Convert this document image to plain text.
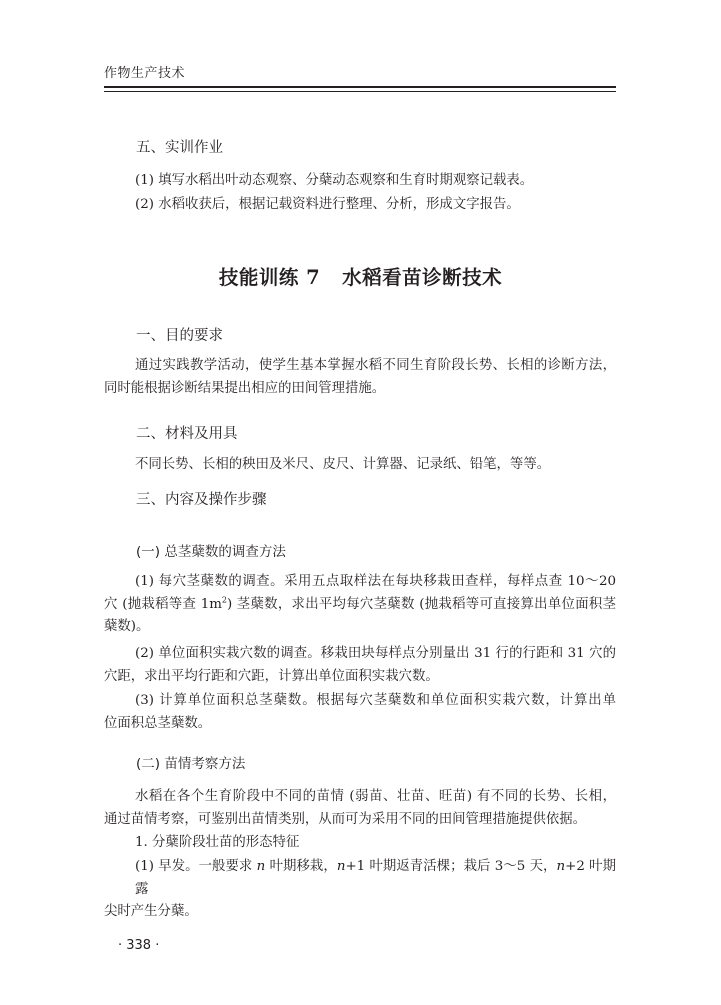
作物生产技术
五、实训作业
(1) 填写水稻出叶动态观察、分蘖动态观察和生育时期观察记载表。
(2) 水稻收获后，根据记载资料进行整理、分析，形成文字报告。
技能训练 7 水稻看苗诊断技术
一、目的要求
通过实践教学活动，使学生基本掌握水稻不同生育阶段长势、长相的诊断方法，
同时能根据诊断结果提出相应的田间管理措施。
二、材料及用具
不同长势、长相的秧田及米尺、皮尺、计算器、记录纸、铅笔，等等。
三、内容及操作步骤
(一) 总茎蘖数的调查方法
(1) 每穴茎蘖数的调查。采用五点取样法在每块移栽田查样，每样点查 10～20
穴 (抛栽稻等查 $1m^2$) 茎蘖数，求出平均每穴茎蘖数 (抛栽稻等可直接算出单位面积茎
蘖数)。
(2) 单位面积实栽穴数的调查。移栽田块每样点分别量出 31 行的行距和 31 穴的
穴距，求出平均行距和穴距，计算出单位面积实栽穴数。
(3) 计算单位面积总茎蘖数。根据每穴茎蘖数和单位面积实栽穴数，计算出单
位面积总茎蘖数。
(二) 苗情考察方法
水稻在各个生育阶段中不同的苗情 (弱苗、壮苗、旺苗) 有不同的长势、长相，
通过苗情考察，可鉴别出苗情类别，从而可为采用不同的田间管理措施提供依据。
1. 分蘖阶段壮苗的形态特征
(1) 早发。一般要求 n 叶期移栽，n+1 叶期返青活棵；栽后 3～5 天，n+2 叶期露
尖时产生分蘖。
· 338 ·
